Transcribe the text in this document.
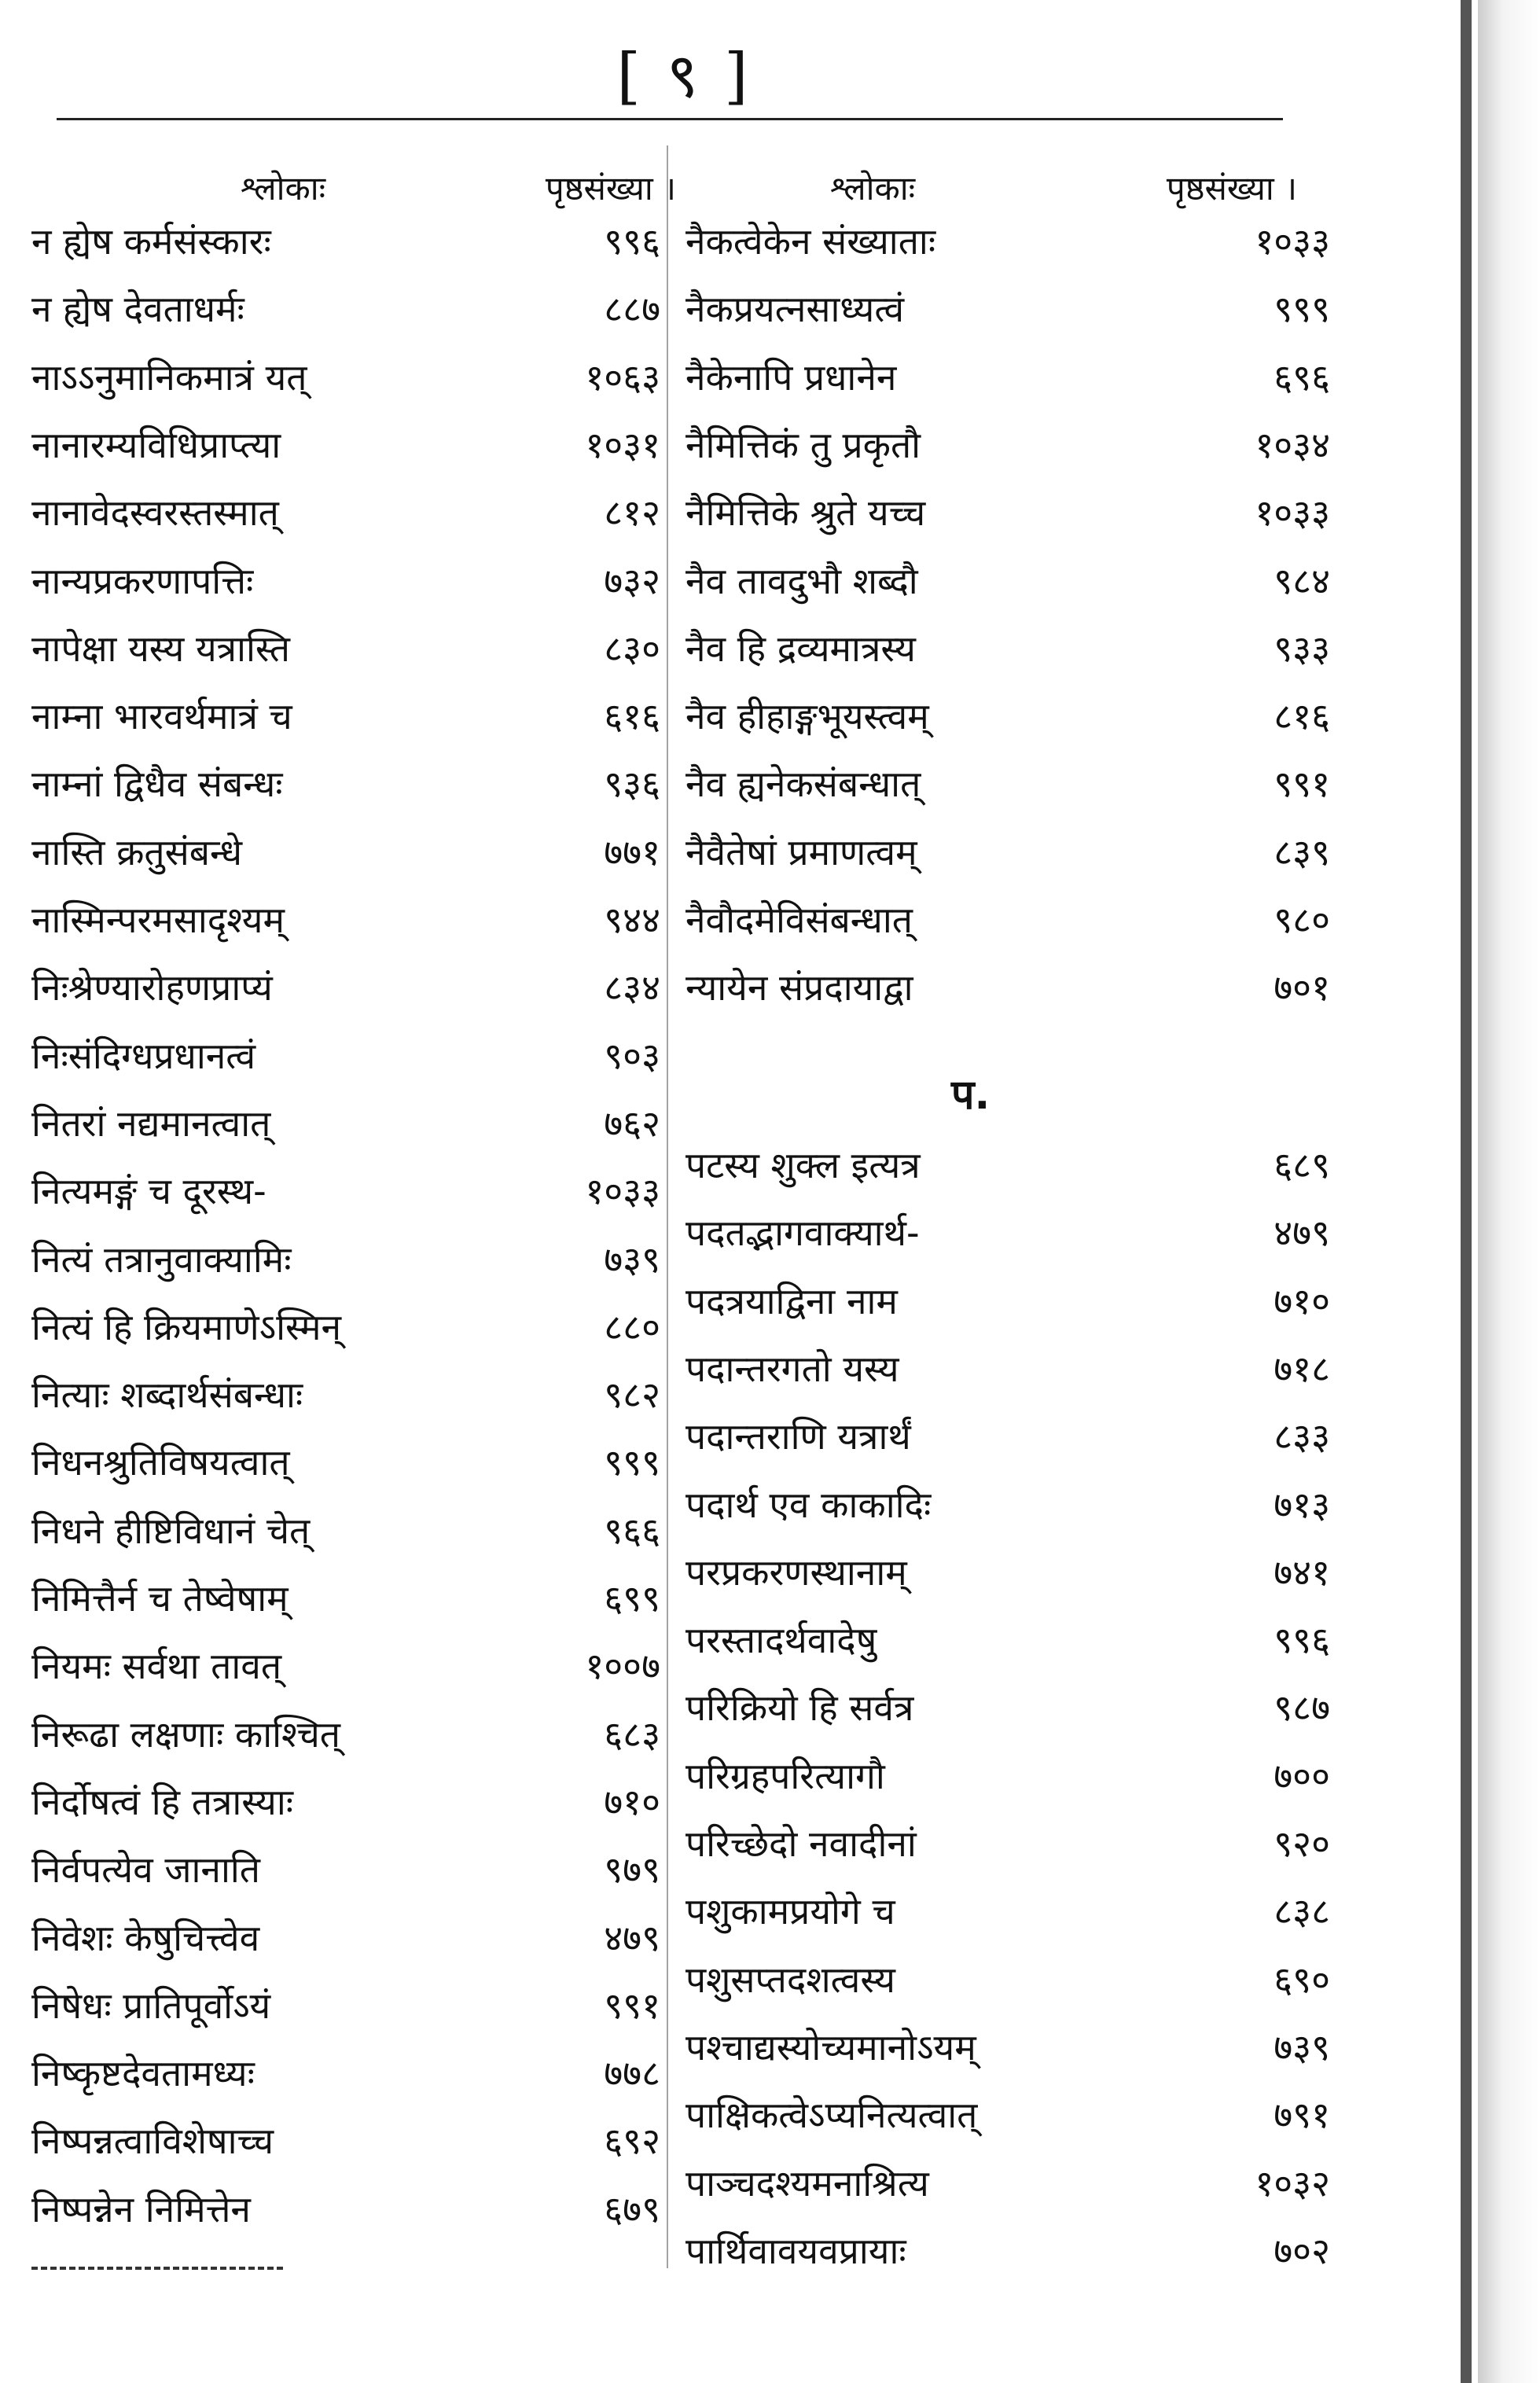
[ ९ ]
श्लोकाः	पृष्ठसंख्या ।	श्लोकाः	पृष्ठसंख्या ।
न ह्येष कर्मसंस्कारः	९९६
न ह्येष देवताधर्मः	८८७
नाऽऽनुमानिकमात्रं यत्	१०६३
नानारम्यविधिप्राप्त्या	१०३१
नानावेदस्वरस्तस्मात्	८१२
नान्यप्रकरणापत्तिः	७३२
नापेक्षा यस्य यत्रास्ति	८३०
नाम्ना भारवर्थमात्रं च	६१६
नाम्नां द्विधैव संबन्धः	९३६
नास्ति क्रतुसंबन्धे	७७१
नास्मिन्परमसादृश्यम्	९४४
निःश्रेण्यारोहणप्राप्यं	८३४
निःसंदिग्धप्रधानत्वं	९०३
नितरां नद्यमानत्वात्	७६२
नित्यमङ्गं च दूरस्थ-	१०३३
नित्यं तत्रानुवाक्यामिः	७३९
नित्यं हि क्रियमाणेऽस्मिन्	८८०
नित्याः शब्दार्थसंबन्धाः	९८२
निधनश्रुतिविषयत्वात्	९९९
निधने हीष्टिविधानं चेत्	९६६
निमित्तैर्न च तेष्वेषाम्	६९९
नियमः सर्वथा तावत्	१००७
निरूढा लक्षणाः काश्चित्	६८३
निर्दोषत्वं हि तत्रास्याः	७१०
निर्वपत्येव जानाति	९७९
निवेशः केषुचित्त्वेव	४७९
निषेधः प्रातिपूर्वोऽयं	९९१
निष्कृष्टदेवतामध्यः	७७८
निष्पन्नत्वाविशेषाच्च	६९२
निष्पन्नेन निमित्तेन	६७९
नैकत्वेकेन संख्याताः	१०३३
नैकप्रयत्नसाध्यत्वं	९९९
नैकेनापि प्रधानेन	६९६
नैमित्तिकं तु प्रकृतौ	१०३४
नैमित्तिके श्रुते यच्च	१०३३
नैव तावदुभौ शब्दौ	९८४
नैव हि द्रव्यमात्रस्य	९३३
नैव हीहाङ्गभूयस्त्वम्	८१६
नैव ह्यनेकसंबन्धात्	९९१
नैवैतेषां प्रमाणत्वम्	८३९
नैवौदमेविसंबन्धात्	९८०
न्यायेन संप्रदायाद्वा	७०१
पटस्य शुक्ल इत्यत्र	६८९
पदतद्भागवाक्यार्थ-	४७९
पदत्रयाद्विना नाम	७१०
पदान्तरगतो यस्य	७१८
पदान्तराणि यत्रार्थं	८३३
पदार्थ एव काकादिः	७१३
परप्रकरणस्थानाम्	७४१
परस्तादर्थवादेषु	९९६
परिक्रियो हि सर्वत्र	९८७
परिग्रहपरित्यागौ	७००
परिच्छेदो नवादीनां	९२०
पशुकामप्रयोगे च	८३८
पशुसप्तदशत्वस्य	६९०
पश्चाद्यस्योच्यमानोऽयम्	७३९
पाक्षिकत्वेऽप्यनित्यत्वात्	७९१
पाञ्चदश्यमनाश्रित्य	१०३२
पार्थिवावयवप्रायाः	७०२
प.
